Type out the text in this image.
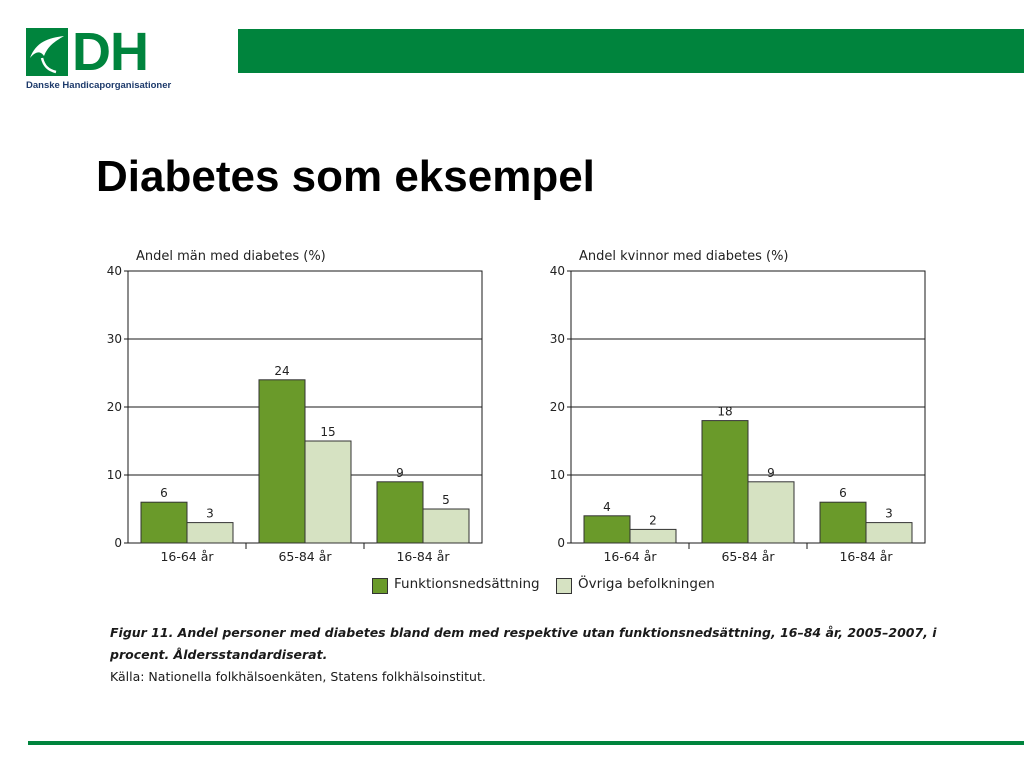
DH
Danske Handicaporganisationer
Diabetes som eksempel
Andel män med diabetes (%)
0
10
20
30
40
6
3
16-64 år
24
15
65-84 år
9
5
16-84 år
Andel kvinnor med diabetes (%)
0
10
20
30
40
4
2
16-64 år
18
9
65-84 år
6
3
16-84 år
Funktionsnedsättning	Övriga befolkningen
Figur 11. Andel personer med diabetes bland dem med respektive utan funktionsnedsättning, 16–84 år, 2005–2007, i procent. Åldersstandardiserat.
Källa: Nationella folkhälsoenkäten, Statens folkhälsoinstitut.
